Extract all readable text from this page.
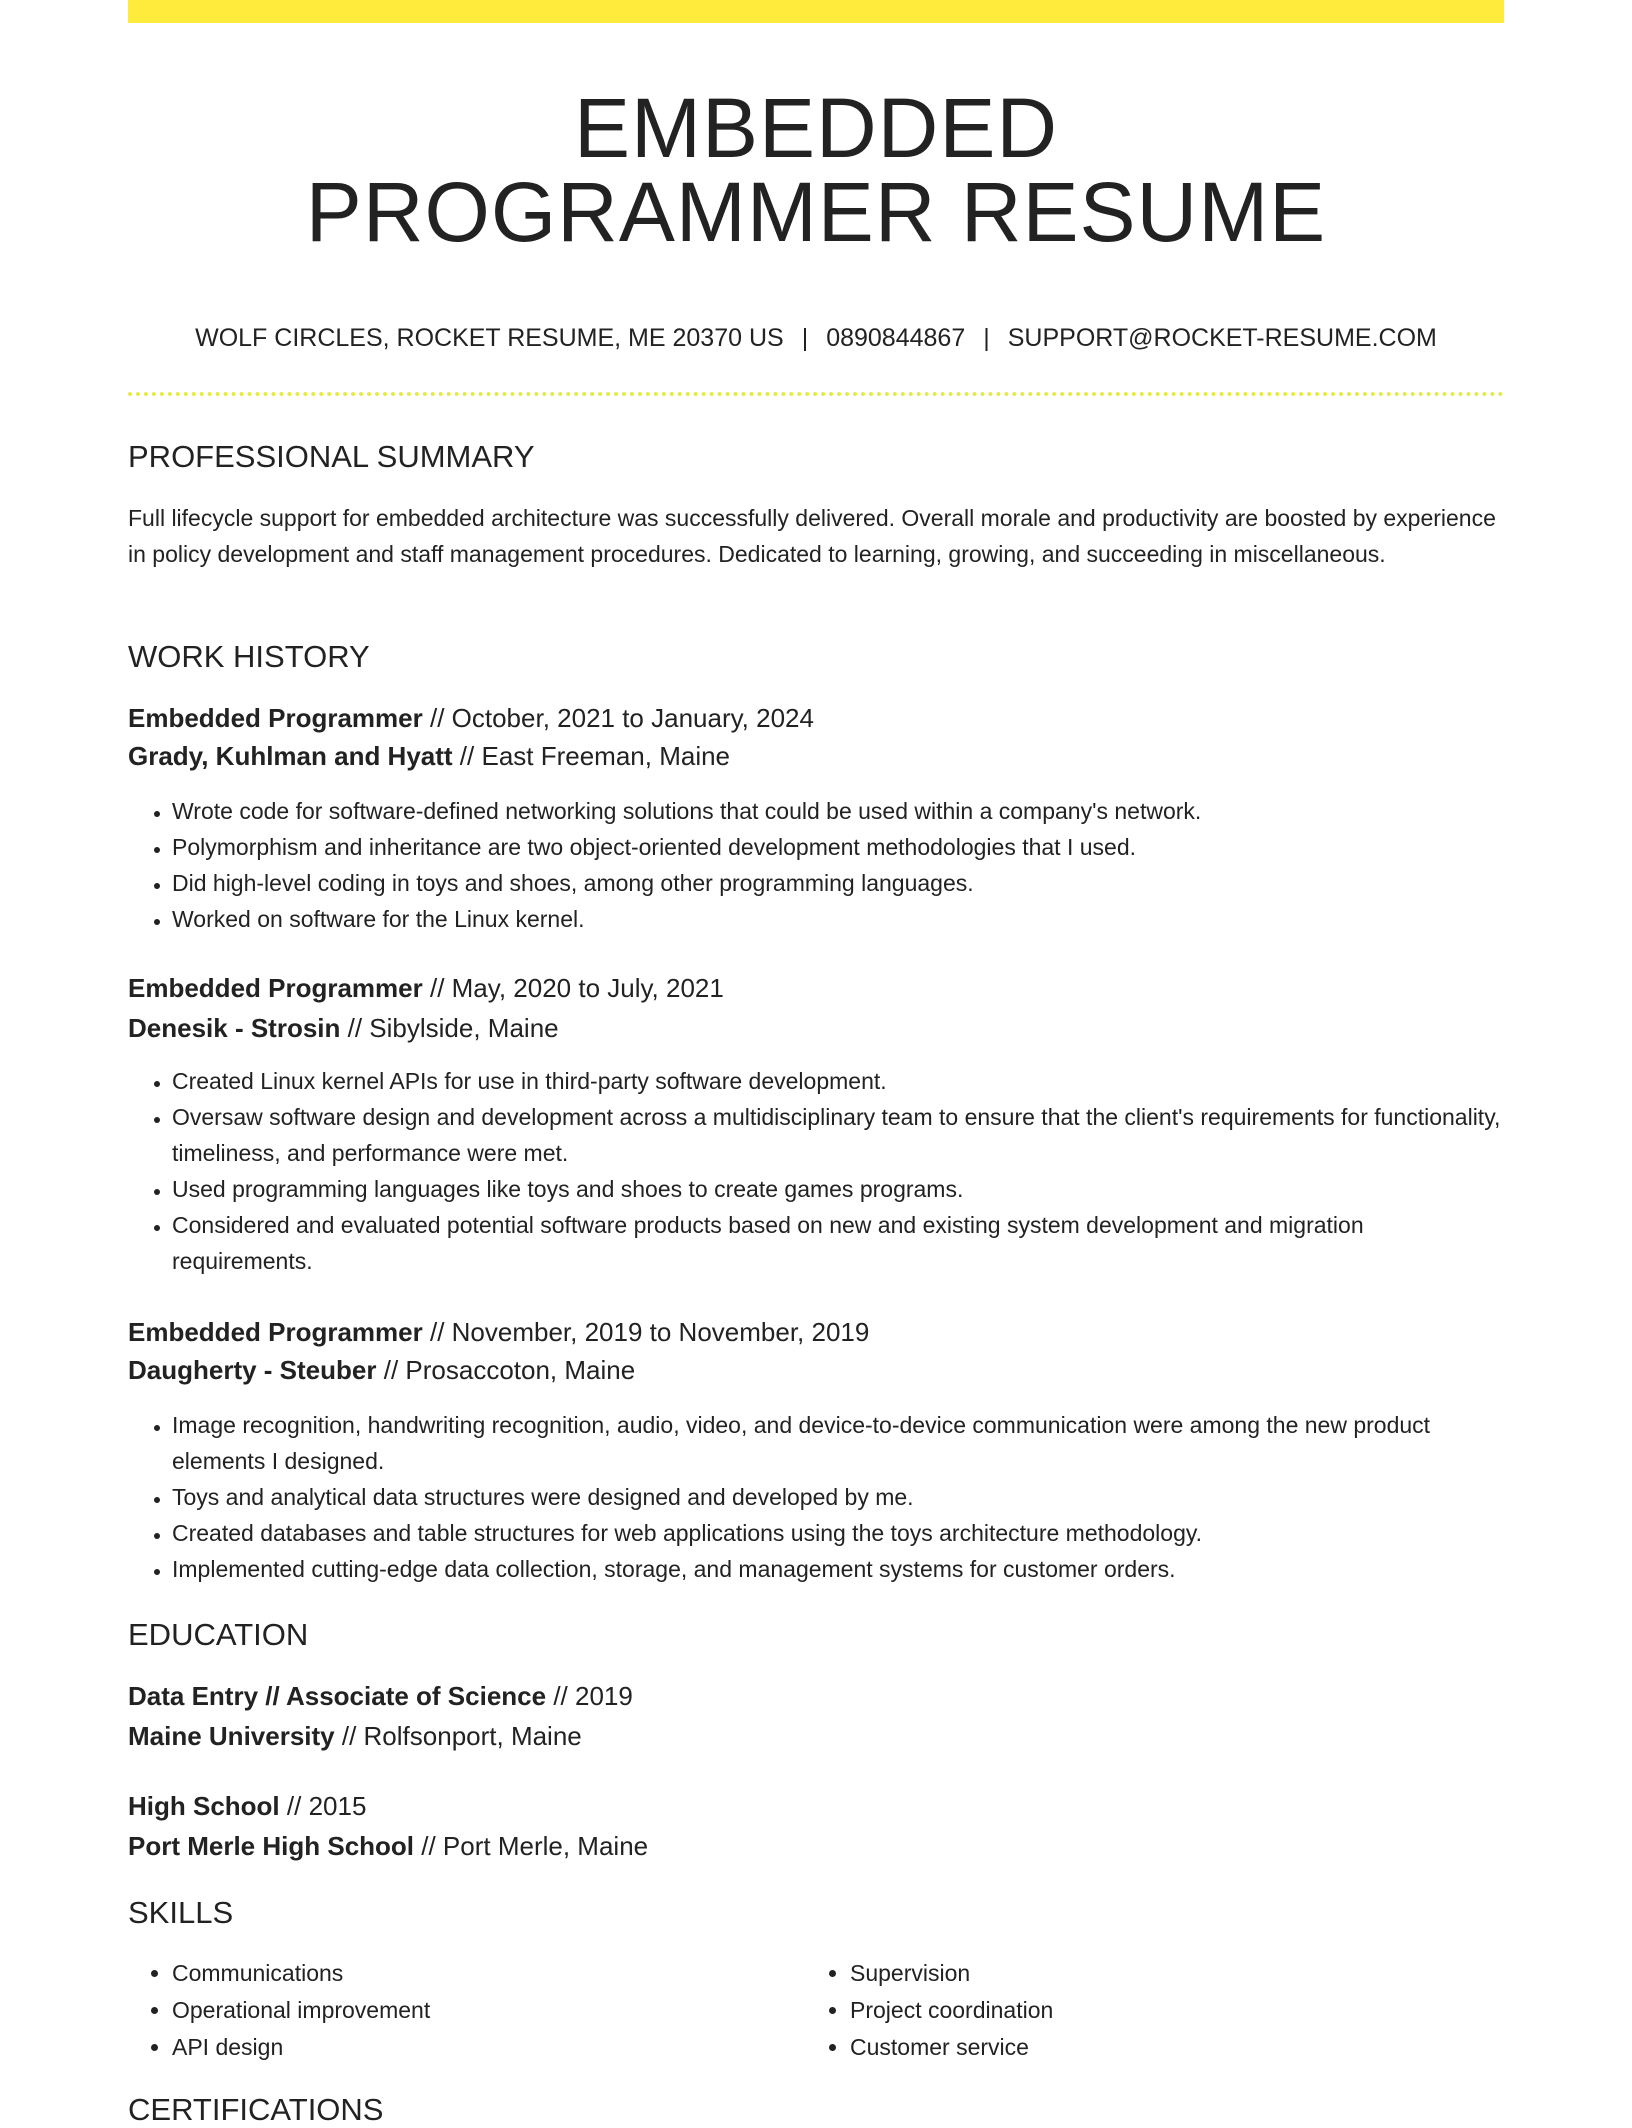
EMBEDDED
PROGRAMMER RESUME
WOLF CIRCLES, ROCKET RESUME, ME 20370 US | 0890844867 | SUPPORT@ROCKET-RESUME.COM
PROFESSIONAL SUMMARY
Full lifecycle support for embedded architecture was successfully delivered. Overall morale and productivity are boosted by experience in policy development and staff management procedures. Dedicated to learning, growing, and succeeding in miscellaneous.
WORK HISTORY
Embedded Programmer // October, 2021 to January, 2024
Grady, Kuhlman and Hyatt // East Freeman, Maine
• Wrote code for software-defined networking solutions that could be used within a company's network.
• Polymorphism and inheritance are two object-oriented development methodologies that I used.
• Did high-level coding in toys and shoes, among other programming languages.
• Worked on software for the Linux kernel.
Embedded Programmer // May, 2020 to July, 2021
Denesik - Strosin // Sibylside, Maine
• Created Linux kernel APIs for use in third-party software development.
• Oversaw software design and development across a multidisciplinary team to ensure that the client's requirements for functionality, timeliness, and performance were met.
• Used programming languages like toys and shoes to create games programs.
• Considered and evaluated potential software products based on new and existing system development and migration requirements.
Embedded Programmer // November, 2019 to November, 2019
Daugherty - Steuber // Prosaccoton, Maine
• Image recognition, handwriting recognition, audio, video, and device-to-device communication were among the new product elements I designed.
• Toys and analytical data structures were designed and developed by me.
• Created databases and table structures for web applications using the toys architecture methodology.
• Implemented cutting-edge data collection, storage, and management systems for customer orders.
EDUCATION
Data Entry // Associate of Science // 2019
Maine University // Rolfsonport, Maine
High School // 2015
Port Merle High School // Port Merle, Maine
SKILLS
• Communications
• Operational improvement
• API design
• Supervision
• Project coordination
• Customer service
CERTIFICATIONS
